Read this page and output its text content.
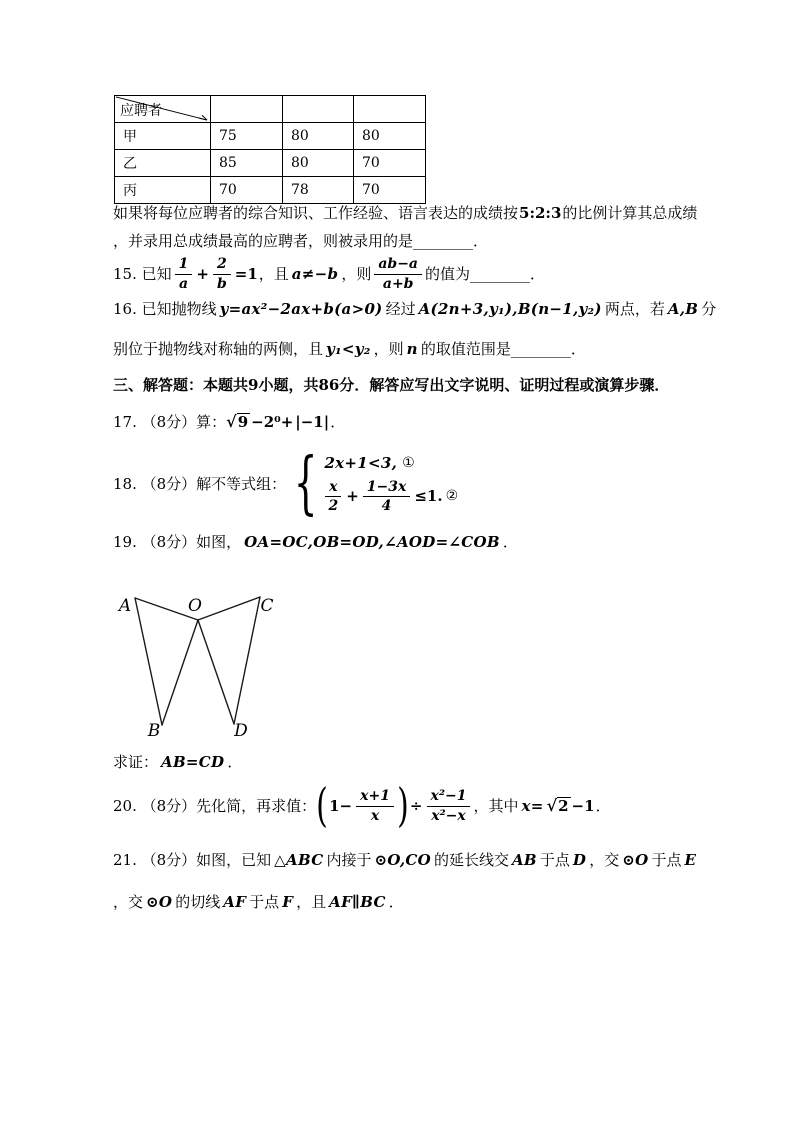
应聘者			

甲	75	80	80
乙	85	80	70
丙	70	78	70
如果将每位应聘者的综合知识、工作经验、语言表达的成绩按 5:2:3 的比例计算其总成绩
，并录用总成绩最高的应聘者，则被录用的是 ________ ．
15. 已知 $\frac{1}{a} + \frac{2}{b} =1$ ，且 a≠−b ，则 $\frac{ab-a}{a+b}$ 的值为 ________ ．
16. 已知抛物线 y=ax²−2ax+b(a>0) 经过 A(2n+3,y₁),B(n−1,y₂) 两点，若 A,B 分
别位于抛物线对称轴的两侧，且 y₁<y₂ ，则 n 的取值范围是 ________ ．
三、解答题：本题共9小题，共86分．解答应写出文字说明、证明过程或演算步骤．
17. （8分）算： √ 9 −2⁰+ |−1| ．
18. （8分）解不等式组： { 2x+1<3, ①
$\frac{x}{2} + \frac{1-3x}{4} \le 1$. ②
19. （8分）如图， OA=OC,OB=OD,∠AOD=∠COB ．
A	O	C
B	D
求证： AB=CD ．
20. （8分）先化简，再求值： ( $1- \frac{x+1}{x}$ ) ÷ $\frac{\text{x²−1}}{\text{x²−x}}$ ，其中 x= √ 2 −1 ．
21. （8分）如图，已知 △ABC 内接于 ⊙O,CO 的延长线交 AB 于点 D ，交 ⊙O 于点 E
，交 ⊙O 的切线 AF 于点 F ，且 AF∥BC ．
